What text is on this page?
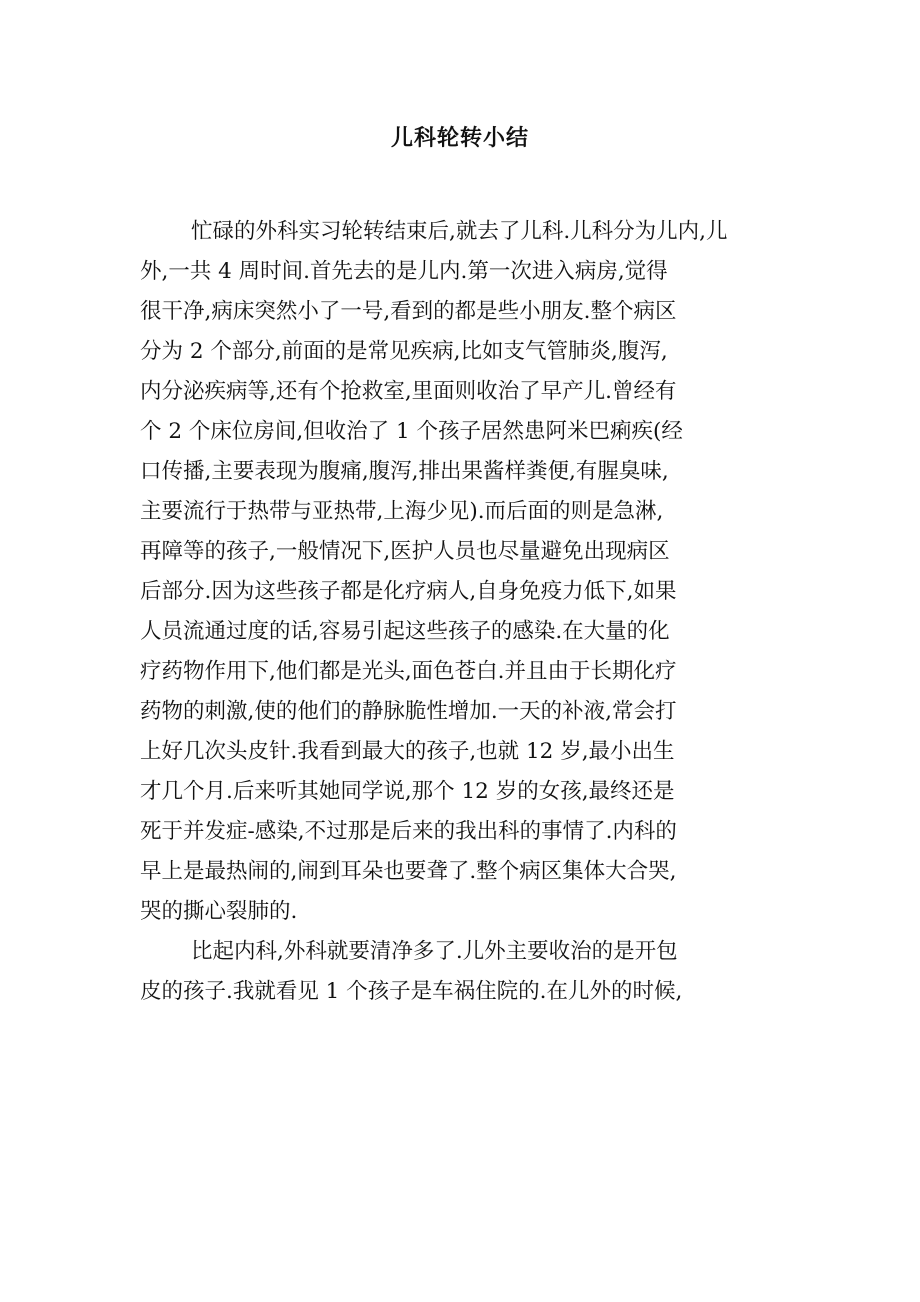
儿科轮转小结
忙碌的外科实习轮转结束后,就去了儿科.儿科分为儿内,儿
外,一共 4 周时间.首先去的是儿内.第一次进入病房,觉得
很干净,病床突然小了一号,看到的都是些小朋友.整个病区
分为 2 个部分,前面的是常见疾病,比如支气管肺炎,腹泻,
内分泌疾病等,还有个抢救室,里面则收治了早产儿.曾经有
个 2 个床位房间,但收治了 1 个孩子居然患阿米巴痢疾(经
口传播,主要表现为腹痛,腹泻,排出果酱样粪便,有腥臭味,
主要流行于热带与亚热带,上海少见).而后面的则是急淋,
再障等的孩子,一般情况下,医护人员也尽量避免出现病区
后部分.因为这些孩子都是化疗病人,自身免疫力低下,如果
人员流通过度的话,容易引起这些孩子的感染.在大量的化
疗药物作用下,他们都是光头,面色苍白.并且由于长期化疗
药物的刺激,使的他们的静脉脆性增加.一天的补液,常会打
上好几次头皮针.我看到最大的孩子,也就 12 岁,最小出生
才几个月.后来听其她同学说,那个 12 岁的女孩,最终还是
死于并发症-感染,不过那是后来的我出科的事情了.内科的
早上是最热闹的,闹到耳朵也要聋了.整个病区集体大合哭,
哭的撕心裂肺的.
比起内科,外科就要清净多了.儿外主要收治的是开包
皮的孩子.我就看见 1 个孩子是车祸住院的.在儿外的时候,
